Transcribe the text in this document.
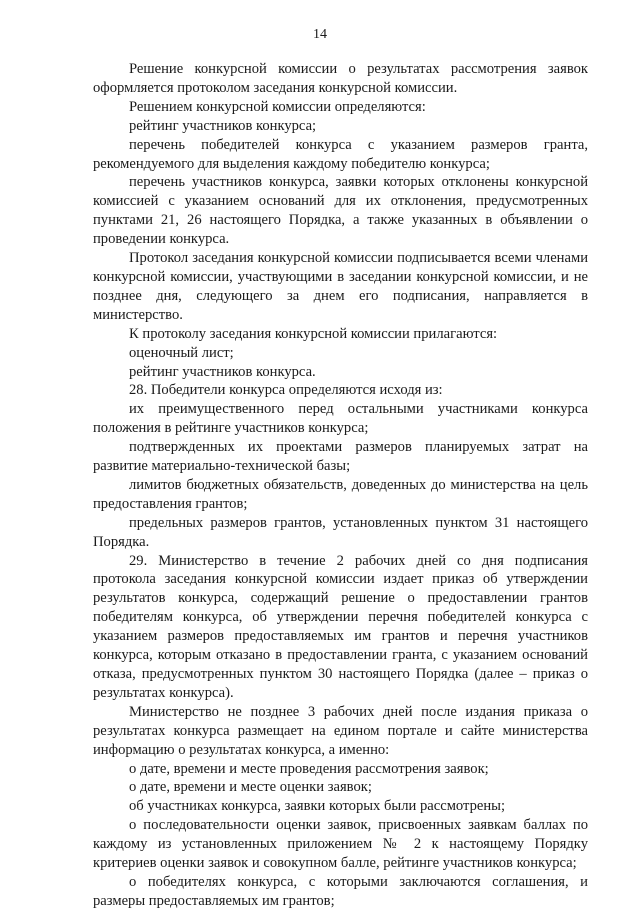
14

Решение конкурсной комиссии о результатах рассмотрения заявок оформляется протоколом заседания конкурсной комиссии.

Решением конкурсной комиссии определяются:

рейтинг участников конкурса;

перечень победителей конкурса с указанием размеров гранта, рекомендуемого для выделения каждому победителю конкурса;

перечень участников конкурса, заявки которых отклонены конкурсной комиссией с указанием оснований для их отклонения, предусмотренных пунктами 21, 26 настоящего Порядка, а также указанных в объявлении о проведении конкурса.

Протокол заседания конкурсной комиссии подписывается всеми членами конкурсной комиссии, участвующими в заседании конкурсной комиссии, и не позднее дня, следующего за днем его подписания, направляется в министерство.

К протоколу заседания конкурсной комиссии прилагаются:

оценочный лист;

рейтинг участников конкурса.

28. Победители конкурса определяются исходя из:

их преимущественного перед остальными участниками конкурса положения в рейтинге участников конкурса;

подтвержденных их проектами размеров планируемых затрат на развитие материально-технической базы;

лимитов бюджетных обязательств, доведенных до министерства на цель предоставления грантов;

предельных размеров грантов, установленных пунктом 31 настоящего Порядка.

29. Министерство в течение 2 рабочих дней со дня подписания протокола заседания конкурсной комиссии издает приказ об утверждении результатов конкурса, содержащий решение о предоставлении грантов победителям конкурса, об утверждении перечня победителей конкурса с указанием размеров предоставляемых им грантов и перечня участников конкурса, которым отказано в предоставлении гранта, с указанием оснований отказа, предусмотренных пунктом 30 настоящего Порядка (далее – приказ о результатах конкурса).

Министерство не позднее 3 рабочих дней после издания приказа о результатах конкурса размещает на едином портале и сайте министерства информацию о результатах конкурса, а именно:

о дате, времени и месте проведения рассмотрения заявок;

о дате, времени и месте оценки заявок;

об участниках конкурса, заявки которых были рассмотрены;

о последовательности оценки заявок, присвоенных заявкам баллах по каждому из установленных приложением № 2 к настоящему Порядку критериев оценки заявок и совокупном балле, рейтинге участников конкурса;

о победителях конкурса, с которыми заключаются соглашения, и размеры предоставляемых им грантов;
